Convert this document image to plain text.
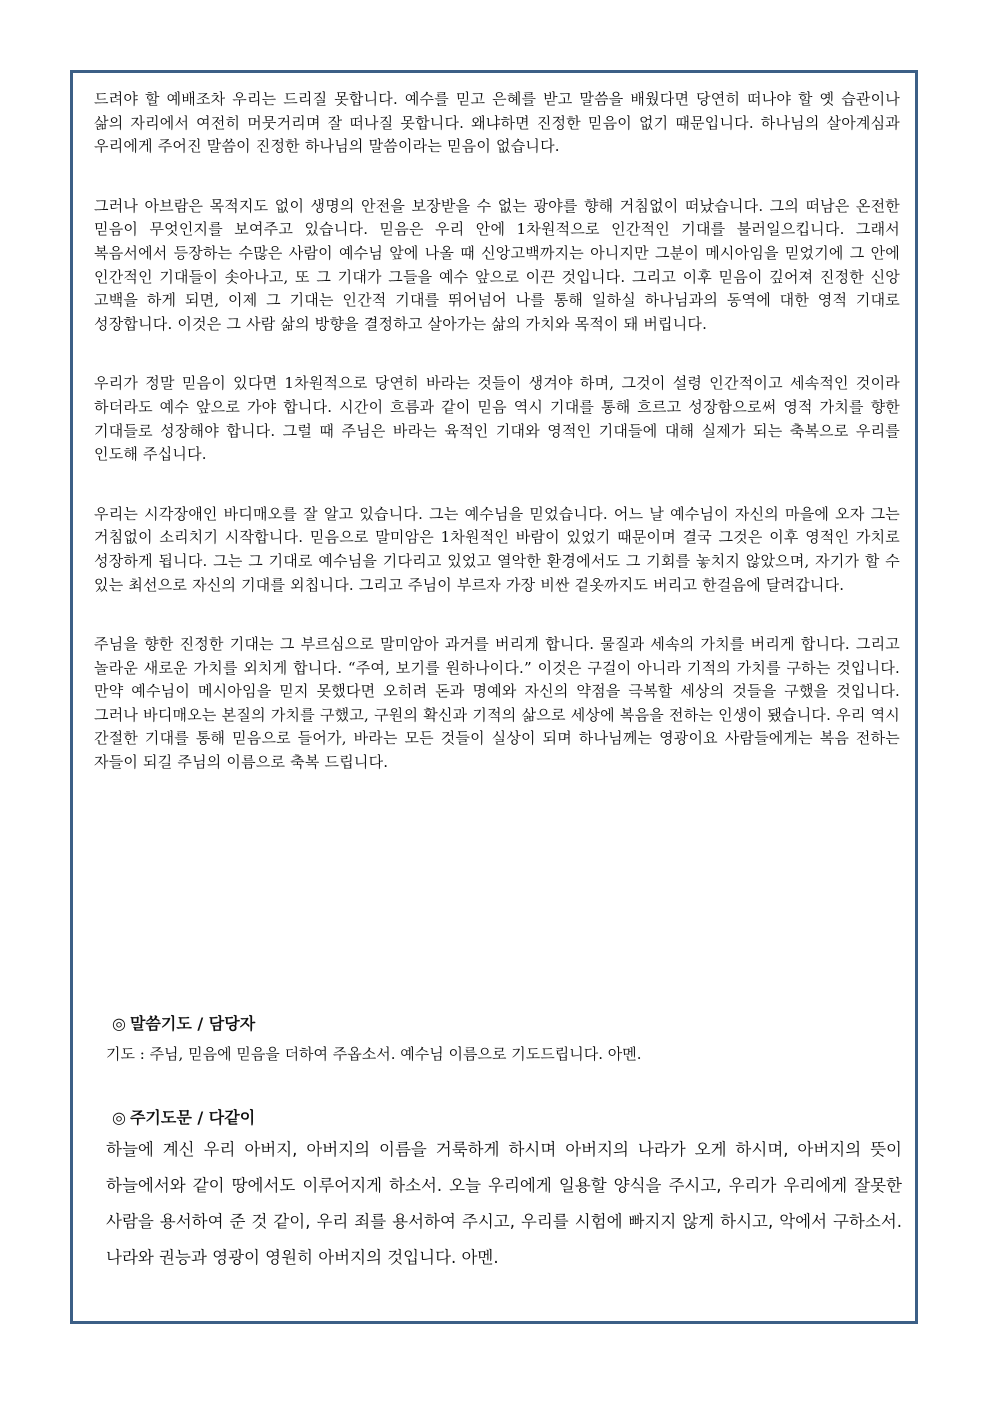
드려야 할 예배조차 우리는 드리질 못합니다. 예수를 믿고 은혜를 받고 말씀을 배웠다면 당연히 떠나야 할 옛 습관이나 삶의 자리에서 여전히 머뭇거리며 잘 떠나질 못합니다. 왜냐하면 진정한 믿음이 없기 때문입니다. 하나님의 살아계심과 우리에게 주어진 말씀이 진정한 하나님의 말씀이라는 믿음이 없습니다.

그러나 아브람은 목적지도 없이 생명의 안전을 보장받을 수 없는 광야를 향해 거침없이 떠났습니다. 그의 떠남은 온전한 믿음이 무엇인지를 보여주고 있습니다. 믿음은 우리 안에 1차원적으로 인간적인 기대를 불러일으킵니다. 그래서 복음서에서 등장하는 수많은 사람이 예수님 앞에 나올 때 신앙고백까지는 아니지만 그분이 메시아임을 믿었기에 그 안에 인간적인 기대들이 솟아나고, 또 그 기대가 그들을 예수 앞으로 이끈 것입니다. 그리고 이후 믿음이 깊어져 진정한 신앙 고백을 하게 되면, 이제 그 기대는 인간적 기대를 뛰어넘어 나를 통해 일하실 하나님과의 동역에 대한 영적 기대로 성장합니다. 이것은 그 사람 삶의 방향을 결정하고 살아가는 삶의 가치와 목적이 돼 버립니다.

우리가 정말 믿음이 있다면 1차원적으로 당연히 바라는 것들이 생겨야 하며, 그것이 설령 인간적이고 세속적인 것이라 하더라도 예수 앞으로 가야 합니다. 시간이 흐름과 같이 믿음 역시 기대를 통해 흐르고 성장함으로써 영적 가치를 향한 기대들로 성장해야 합니다. 그럴 때 주님은 바라는 육적인 기대와 영적인 기대들에 대해 실제가 되는 축복으로 우리를 인도해 주십니다.

우리는 시각장애인 바디매오를 잘 알고 있습니다. 그는 예수님을 믿었습니다. 어느 날 예수님이 자신의 마을에 오자 그는 거침없이 소리치기 시작합니다. 믿음으로 말미암은 1차원적인 바람이 있었기 때문이며 결국 그것은 이후 영적인 가치로 성장하게 됩니다. 그는 그 기대로 예수님을 기다리고 있었고 열악한 환경에서도 그 기회를 놓치지 않았으며, 자기가 할 수 있는 최선으로 자신의 기대를 외칩니다. 그리고 주님이 부르자 가장 비싼 겉옷까지도 버리고 한걸음에 달려갑니다.

주님을 향한 진정한 기대는 그 부르심으로 말미암아 과거를 버리게 합니다. 물질과 세속의 가치를 버리게 합니다. 그리고 놀라운 새로운 가치를 외치게 합니다. “주여, 보기를 원하나이다.” 이것은 구걸이 아니라 기적의 가치를 구하는 것입니다. 만약 예수님이 메시아임을 믿지 못했다면 오히려 돈과 명예와 자신의 약점을 극복할 세상의 것들을 구했을 것입니다. 그러나 바디매오는 본질의 가치를 구했고, 구원의 확신과 기적의 삶으로 세상에 복음을 전하는 인생이 됐습니다. 우리 역시 간절한 기대를 통해 믿음으로 들어가, 바라는 모든 것들이 실상이 되며 하나님께는 영광이요 사람들에게는 복음 전하는 자들이 되길 주님의 이름으로 축복 드립니다.

◎ 말씀기도 / 담당자

기도 : 주님, 믿음에 믿음을 더하여 주옵소서. 예수님 이름으로 기도드립니다. 아멘.

◎ 주기도문 / 다같이

하늘에 계신 우리 아버지, 아버지의 이름을 거룩하게 하시며 아버지의 나라가 오게 하시며, 아버지의 뜻이 하늘에서와 같이 땅에서도 이루어지게 하소서. 오늘 우리에게 일용할 양식을 주시고, 우리가 우리에게 잘못한 사람을 용서하여 준 것 같이, 우리 죄를 용서하여 주시고, 우리를 시험에 빠지지 않게 하시고, 악에서 구하소서. 나라와 권능과 영광이 영원히 아버지의 것입니다. 아멘.
